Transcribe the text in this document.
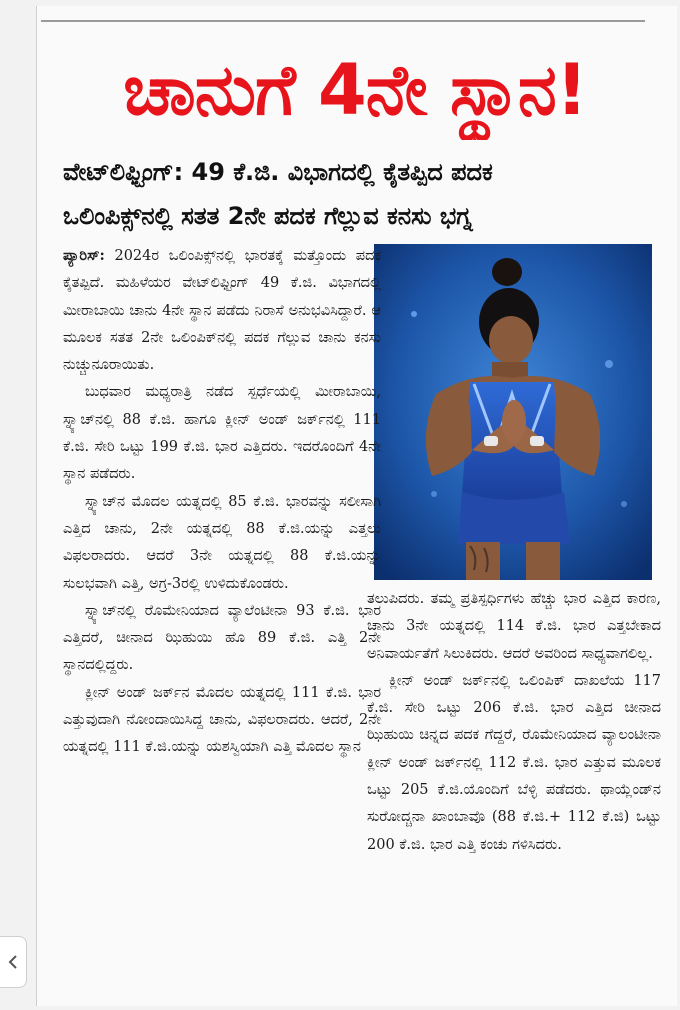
ಚಾನುಗೆ 4ನೇ ಸ್ಥಾನ!
ವೇಟ್‌ಲಿಫ್ಟಿಂಗ್: 49 ಕೆ.ಜಿ. ವಿಭಾಗದಲ್ಲಿ ಕೈತಪ್ಪಿದ ಪದಕ
ಒಲಿಂಪಿಕ್ಸ್‌ನಲ್ಲಿ ಸತತ 2ನೇ ಪದಕ ಗೆಲ್ಲುವ ಕನಸು ಭಗ್ನ

ಪ್ಯಾರಿಸ್: 2024ರ ಒಲಿಂಪಿಕ್ಸ್‌ನಲ್ಲಿ ಭಾರತಕ್ಕೆ ಮತ್ತೊಂದು ಪದಕ ಕೈತಪ್ಪಿದೆ. ಮಹಿಳೆಯರ ವೇಟ್‌ಲಿಫ್ಟಿಂಗ್ 49 ಕೆ.ಜಿ. ವಿಭಾಗದಲ್ಲಿ ಮೀರಾಬಾಯಿ ಚಾನು 4ನೇ ಸ್ಥಾನ ಪಡೆದು ನಿರಾಸೆ ಅನುಭವಿಸಿದ್ದಾರೆ. ಆ ಮೂಲಕ ಸತತ 2ನೇ ಒಲಿಂಪಿಕ್‌ನಲ್ಲಿ ಪದಕ ಗೆಲ್ಲುವ ಚಾನು ಕನಸು ನುಚ್ಚುನೂರಾಯಿತು.

ಬುಧವಾರ ಮಧ್ಯರಾತ್ರಿ ನಡೆದ ಸ್ಪರ್ಧೆಯಲ್ಲಿ ಮೀರಾಬಾಯಿ, ಸ್ನ್ಯಾಚ್‌ನಲ್ಲಿ 88 ಕೆ.ಜಿ. ಹಾಗೂ ಕ್ಲೀನ್ ಅಂಡ್ ಜರ್ಕ್‌ನಲ್ಲಿ 111 ಕೆ.ಜಿ. ಸೇರಿ ಒಟ್ಟು 199 ಕೆ.ಜಿ. ಭಾರ ಎತ್ತಿದರು. ಇದರೊಂದಿಗೆ 4ನೇ ಸ್ಥಾನ ಪಡೆದರು.

ಸ್ನ್ಯಾಚ್‌ನ ಮೊದಲ ಯತ್ನದಲ್ಲಿ 85 ಕೆ.ಜಿ. ಭಾರವನ್ನು ಸಲೀಸಾಗಿ ಎತ್ತಿದ ಚಾನು, 2ನೇ ಯತ್ನದಲ್ಲಿ 88 ಕೆ.ಜಿ.ಯನ್ನು ಎತ್ತಲು ವಿಫಲರಾದರು. ಆದರೆ 3ನೇ ಯತ್ನದಲ್ಲಿ 88 ಕೆ.ಜಿ.ಯನ್ನು ಸುಲಭವಾಗಿ ಎತ್ತಿ, ಅಗ್ರ-3ರಲ್ಲಿ ಉಳಿದುಕೊಂಡರು.

ಸ್ನ್ಯಾಚ್‌ನಲ್ಲಿ ರೊಮೇನಿಯಾದ ವ್ಯಾಲೆಂಟೀನಾ 93 ಕೆ.ಜಿ. ಭಾರ ಎತ್ತಿದರೆ, ಚೀನಾದ ಝಿಹುಯಿ ಹೊ 89 ಕೆ.ಜಿ. ಎತ್ತಿ 2ನೇ ಸ್ಥಾನದಲ್ಲಿದ್ದರು.

ಕ್ಲೀನ್ ಅಂಡ್ ಜರ್ಕ್‌ನ ಮೊದಲ ಯತ್ನದಲ್ಲಿ 111 ಕೆ.ಜಿ. ಭಾರ ಎತ್ತುವುದಾಗಿ ನೋಂದಾಯಿಸಿದ್ದ ಚಾನು, ವಿಫಲರಾದರು. ಆದರೆ, 2ನೇ ಯತ್ನದಲ್ಲಿ 111 ಕೆ.ಜಿ.ಯನ್ನು ಯಶಸ್ವಿಯಾಗಿ ಎತ್ತಿ ಮೊದಲ ಸ್ಥಾನ

ತಲುಪಿದರು. ತಮ್ಮ ಪ್ರತಿಸ್ಪರ್ಧಿಗಳು ಹೆಚ್ಚು ಭಾರ ಎತ್ತಿದ ಕಾರಣ, ಚಾನು 3ನೇ ಯತ್ನದಲ್ಲಿ 114 ಕೆ.ಜಿ. ಭಾರ ಎತ್ತಬೇಕಾದ ಅನಿವಾರ್ಯತೆಗೆ ಸಿಲುಕಿದರು. ಆದರೆ ಅವರಿಂದ ಸಾಧ್ಯವಾಗಲಿಲ್ಲ.

ಕ್ಲೀನ್ ಅಂಡ್ ಜರ್ಕ್‌ನಲ್ಲಿ ಒಲಿಂಪಿಕ್ ದಾಖಲೆಯ 117 ಕೆ.ಜಿ. ಸೇರಿ ಒಟ್ಟು 206 ಕೆ.ಜಿ. ಭಾರ ಎತ್ತಿದ ಚೀನಾದ ಝಿಹುಯಿ ಚಿನ್ನದ ಪದಕ ಗೆದ್ದರೆ, ರೊಮೇನಿಯಾದ ವ್ಯಾಲಂಟೀನಾ ಕ್ಲೀನ್ ಅಂಡ್ ಜರ್ಕ್‌ನಲ್ಲಿ 112 ಕೆ.ಜಿ. ಭಾರ ಎತ್ತುವ ಮೂಲಕ ಒಟ್ಟು 205 ಕೆ.ಜಿ.ಯೊಂದಿಗೆ ಬೆಳ್ಳಿ ಪಡೆದರು. ಥಾಯ್ಲೆಂಡ್‌ನ ಸುರೋದ್ಚನಾ ಖಾಂಬಾವೊ (88 ಕೆ.ಜಿ.+ 112 ಕೆ.ಜಿ) ಒಟ್ಟು 200 ಕೆ.ಜಿ. ಭಾರ ಎತ್ತಿ ಕಂಚು ಗಳಿಸಿದರು.
